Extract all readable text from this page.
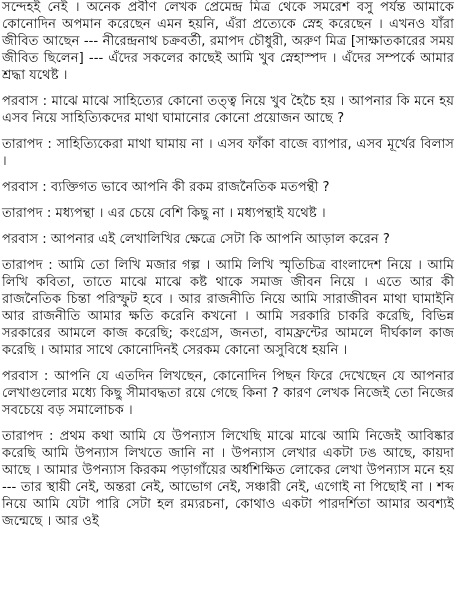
সন্দেহই নেই । অনেক প্রবীণ লেখক প্রেমেন্দ্র মিত্র থেকে সমরেশ বসু পর্যন্ত আমাকে কোনোদিন অপমান করেছেন এমন হয়নি, এঁরা প্রত্যেকে স্নেহ করেছেন । এখনও যাঁরা জীবিত আছেন --- নীরেন্দ্রনাথ চক্রবর্তী, রমাপদ চৌধুরী, অরুণ মিত্র [সাক্ষাতকারের সময় জীবিত ছিলেন] --- এঁদের সকলের কাছেই আমি খুব স্নেহাস্পদ । এঁদের সম্পর্কে আমার শ্রদ্ধা যথেষ্ট ।

পরবাস : মাঝে মাঝে সাহিত্যের কোনো তত্ত্ব নিয়ে খুব হৈচৈ হয় । আপনার কি মনে হয় এসব নিয়ে সাহিত্যিকদের মাথা ঘামানোর কোনো প্রয়োজন আছে ?

তারাপদ : সাহিত্যিকেরা মাথা ঘামায় না । এসব ফাঁকা বাজে ব্যাপার, এসব মূর্খের বিলাস ।

পরবাস : ব্যক্তিগত ভাবে আপনি কী রকম রাজনৈতিক মতপন্থী ?

তারাপদ : মধ্যপন্থা । এর চেয়ে বেশি কিছু না । মধ্যপন্থাই যথেষ্ট ।

পরবাস : আপনার এই লেখালিখির ক্ষেত্রে সেটা কি আপনি আড়াল করেন ?

তারাপদ : আমি তো লিখি মজার গল্প । আমি লিখি স্মৃতিচিত্র বাংলাদেশ নিয়ে । আমি লিখি কবিতা, তাতে মাঝে মাঝে কষ্ট থাকে সমাজ জীবন নিয়ে । এতে আর কী রাজনৈতিক চিন্তা পরিস্ফুট হবে । আর রাজনীতি নিয়ে আমি সারাজীবন মাথা ঘামাইনি আর রাজনীতি আমার ক্ষতি করেনি কখনো । আমি সরকারি চাকরি করেছি, বিভিন্ন সরকারের আমলে কাজ করেছি; কংগ্রেস, জনতা, বামফ্রন্টের আমলে দীর্ঘকাল কাজ করেছি । আমার সাথে কোনোদিনই সেরকম কোনো অসুবিধে হয়নি ।

পরবাস : আপনি যে এতদিন লিখছেন, কোনোদিন পিছন ফিরে দেখেছেন যে আপনার লেখাগুলোর মধ্যে কিছু সীমাবদ্ধতা রয়ে গেছে কিনা ? কারণ লেখক নিজেই তো নিজের সবচেয়ে বড় সমালোচক ।

তারাপদ : প্রথম কথা আমি যে উপন্যাস লিখেছি মাঝে মাঝে আমি নিজেই আবিষ্কার করেছি আমি উপন্যাস লিখতে জানি না । উপন্যাস লেখার একটা ঢঙ আছে, কায়দা আছে । আমার উপন্যাস কিরকম পড়াগাঁয়ের অর্ধশিক্ষিত লোকের লেখা উপন্যাস মনে হয় --- তার স্থায়ী নেই, অন্তরা নেই, আভোগ নেই, সঞ্চারী নেই, এগোই না পিছোই না । শব্দ নিয়ে আমি যেটা পারি সেটা হল রম্যরচনা, কোথাও একটা পারদর্শিতা আমার অবশ্যই জন্মেছে । আর ওই
